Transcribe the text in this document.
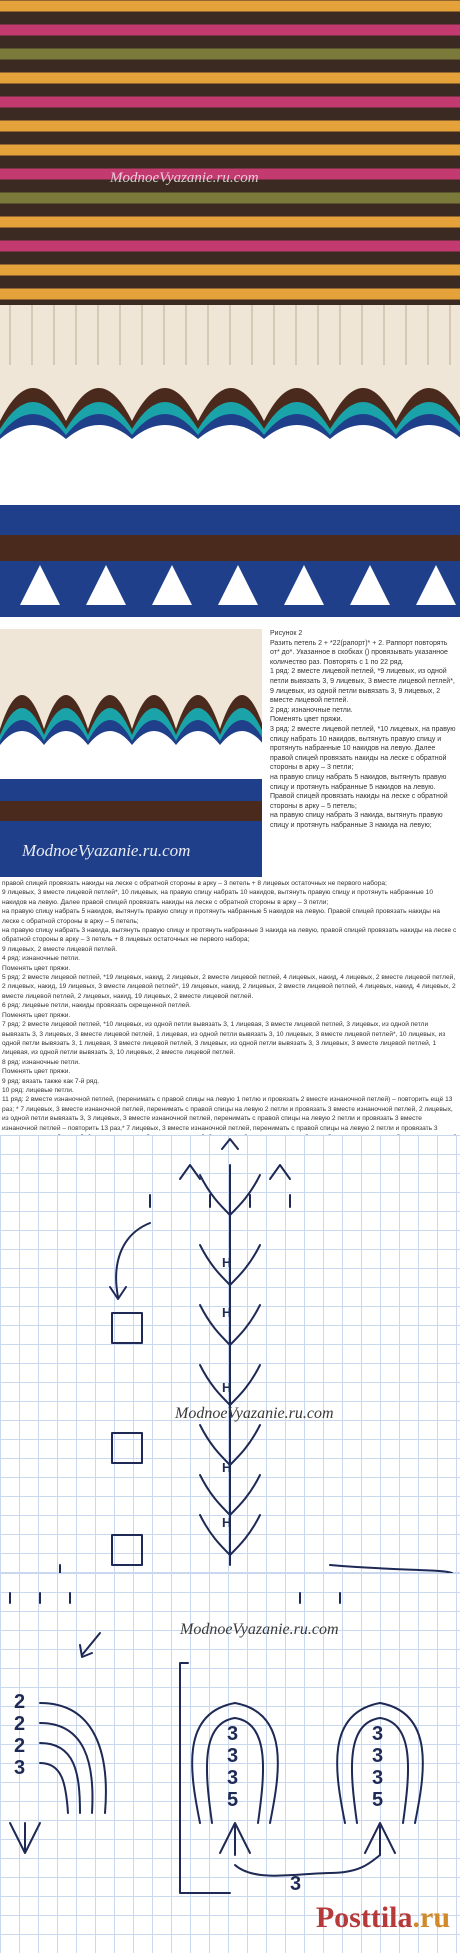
ModnoeVyazanie.ru.com
ModnoeVyazanie.ru.com
ModnoeVyazanie.ru.com

Рисунок 2

Разить петель 2 + *22(рапорт)* + 2. Раппорт повторять от* до*. Указанное в скобках () провязывать указанное количество раз. Повторять с 1 по 22 ряд.

1 ряд: 2 вместе лицевой петлей, *9 лицевых, из одной петли вывязать 3, 9 лицевых, 3 вместе лицевой петлей*, 9 лицевых, из одной петли вывязать 3, 9 лицевых, 2 вместе лицевой петлей.

2 ряд: изнаночные петли.

Поменять цвет пряжи.

3 ряд: 2 вместе лицевой петлей, *10 лицевых, на правую спицу набрать 10 накидов, вытянуть правую спицу и протянуть набранные 10 накидов на левую. Далее правой спицей провязать накиды на леске с обратной стороны в арку – 3 петли;

на правую спицу набрать 5 накидов, вытянуть правую спицу и протянуть набранные 5 накидов на левую. Правой спицей провязать накиды на леске с обратной стороны в арку – 5 петель;

на правую спицу набрать 3 накида, вытянуть правую спицу и протянуть набранные 3 накида на левую;

правой спицей провязать накиды на леске с обратной стороны в арку – 3 петель + 8 лицевых остаточных не первого набора;

9 лицевых, 3 вместе лицевой петлей*, 10 лицевых, на правую спицу набрать 10 накидов, вытянуть правую спицу и протянуть набранные 10 накидов на левую. Далее правой спицей провязать накиды на леске с обратной стороны в арку – 3 петли;

на правую спицу набрать 5 накидов, вытянуть правую спицу и протянуть набранные 5 накидов на левую. Правой спицей провязать накиды на леске с обратной стороны в арку – 5 петель;

на правую спицу набрать 3 накида, вытянуть правую спицу и протянуть набранные 3 накида на левую, правой спицей провязать накиды на леске с обратной стороны в арку – 3 петель + 8 лицевых остаточных не первого набора;

9 лицевых, 2 вместе лицевой петлей.

4 ряд: изнаночные петли.

Поменять цвет пряжи.

5 ряд: 2 вместе лицевой петлей, *19 лицевых, накид, 2 лицевых, 2 вместе лицевой петлей, 4 лицевых, накид, 4 лицевых, 2 вместе лицевой петлей, 2 лицевых, накид, 19 лицевых, 3 вместе лицевой петлей*, 19 лицевых, накид, 2 лицевых, 2 вместе лицевой петлей, 4 лицевых, накид, 4 лицевых, 2 вместе лицевой петлей, 2 лицевых, накид, 19 лицевых, 2 вместе лицевой петлей.

6 ряд: лицевые петли, накиды провязать скрещенной петлей.

Поменять цвет пряжи.

7 ряд: 2 вместе лицевой петлей, *10 лицевых, из одной петли вывязать 3, 1 лицевая, 3 вместе лицевой петлей, 3 лицевых, из одной петли вывязать 3, 3 лицевых, 3 вместе лицевой петлей, 1 лицевая, из одной петли вывязать 3, 10 лицевых, 3 вместе лицевой петлей*, 10 лицевых, из одной петли вывязать 3, 1 лицевая, 3 вместе лицевой петлей, 3 лицевых, из одной петли вывязать 3, 3 лицевых, 3 вместе лицевой петлей, 1 лицевая, из одной петли вывязать 3, 10 лицевых, 2 вместе лицевой петлей.

8 ряд: изнаночные петли.

Поменять цвет пряжи.

9 ряд: вязать также как 7-й ряд.

10 ряд: лицевые петли.

11 ряд: 2 вместе изнаночной петлей, (перенимать с правой спицы на левую 1 петлю и провязать 2 вместе изнаночной петлей) – повторить ещё 13 раз; * 7 лицевых, 3 вместе изнаночной петлей, перенимать с правой спицы на левую 2 петли и провязать 3 вместе изнаночной петлей, 2 лицевых, из одной петли вывязать 3, 3 лицевых, 3 вместе изнаночной петлей, перенимать с правой спицы на левую 2 петли и провязать 3 вместе изнаночной петлей – повторить 13 раз,* 7 лицевых, 3 вместе изнаночной петлей, перенимать с правой спицы на левую 2 петли и провязать 3

ModnoeVyazanie.ru.com
H
H
H
H
H
ModnoeVyazanie.ru.com
2
2
2
3
3
3
3
5
3
3
3
5
3
Posttila.ru
